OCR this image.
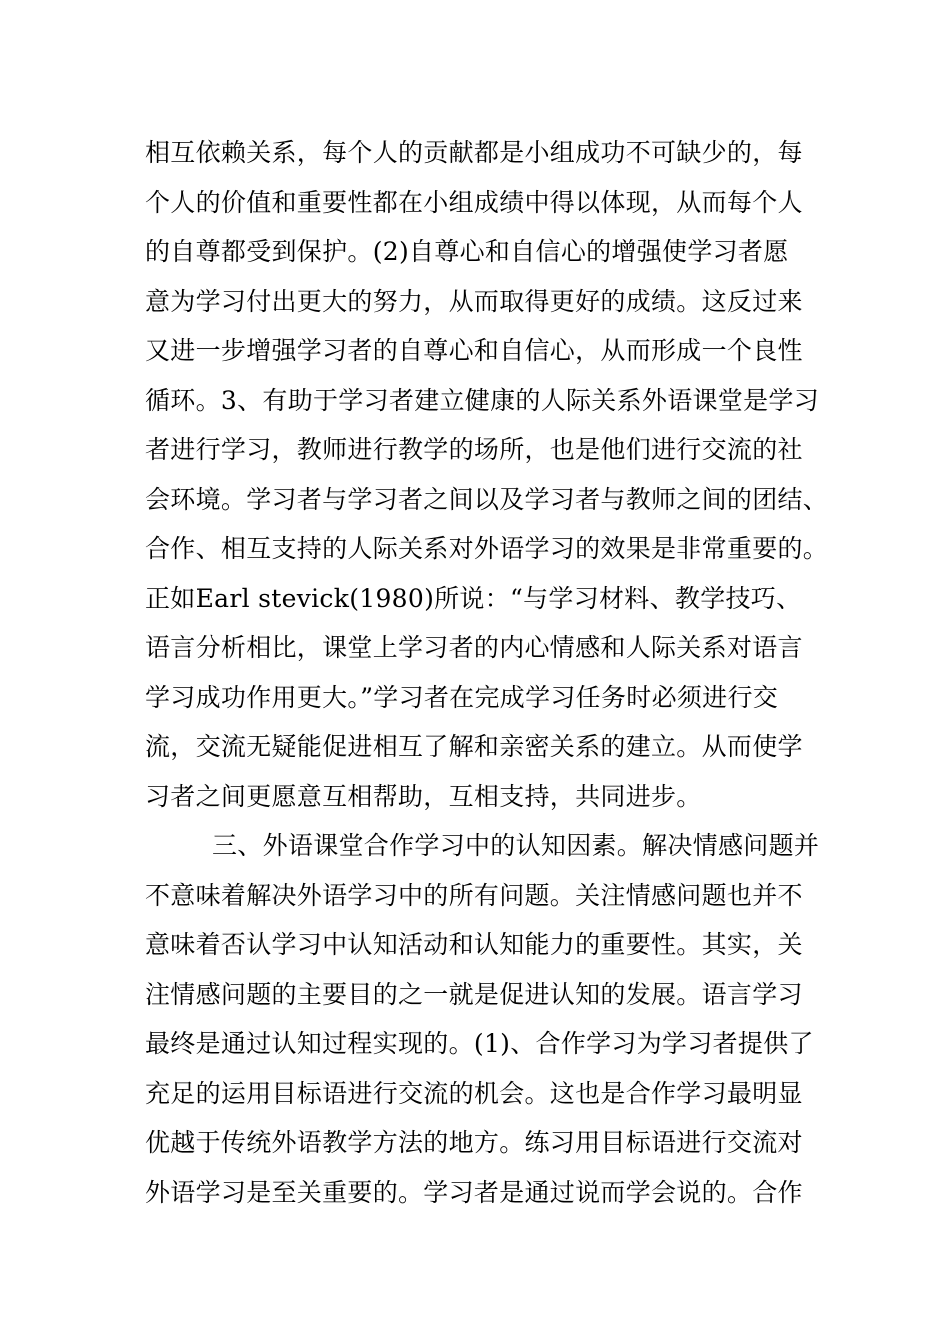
相互依赖关系，每个人的贡献都是小组成功不可缺少的，每
个人的价值和重要性都在小组成绩中得以体现，从而每个人
的自尊都受到保护。(2)自尊心和自信心的增强使学习者愿
意为学习付出更大的努力，从而取得更好的成绩。这反过来
又进一步增强学习者的自尊心和自信心，从而形成一个良性
循环。3、有助于学习者建立健康的人际关系外语课堂是学习
者进行学习，教师进行教学的场所，也是他们进行交流的社
会环境。学习者与学习者之间以及学习者与教师之间的团结、
合作、相互支持的人际关系对外语学习的效果是非常重要的。
正如Earl stevick(1980)所说：“与学习材料、教学技巧、
语言分析相比，课堂上学习者的内心情感和人际关系对语言
学习成功作用更大。”学习者在完成学习任务时必须进行交
流，交流无疑能促进相互了解和亲密关系的建立。从而使学
习者之间更愿意互相帮助，互相支持，共同进步。
三、外语课堂合作学习中的认知因素。解决情感问题并
不意味着解决外语学习中的所有问题。关注情感问题也并不
意味着否认学习中认知活动和认知能力的重要性。其实，关
注情感问题的主要目的之一就是促进认知的发展。语言学习
最终是通过认知过程实现的。(1)、合作学习为学习者提供了
充足的运用目标语进行交流的机会。这也是合作学习最明显
优越于传统外语教学方法的地方。练习用目标语进行交流对
外语学习是至关重要的。学习者是通过说而学会说的。合作
